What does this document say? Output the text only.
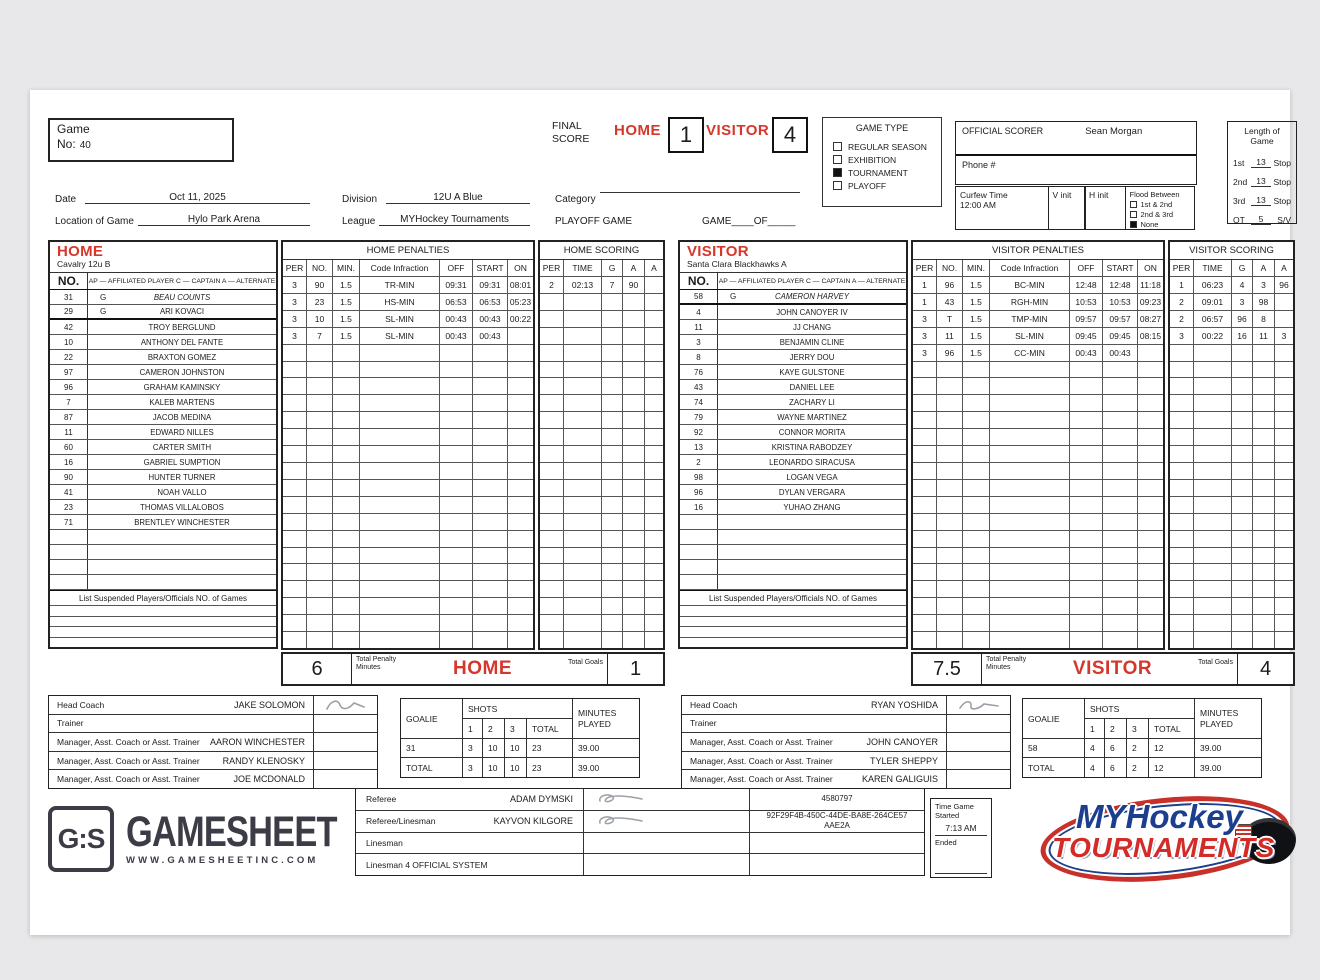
Game
No: 40
FINAL SCORE	HOME 1 VISITOR 4	GAME TYPE
REGULAR SEASON
EXHIBITION
TOURNAMENT
PLAYOFF
OFFICIAL SCORER	Sean Morgan
Phone #
Curfew Time
12:00 AM
V init	H init	Flood Between
1st & 2nd
2nd & 3rd
None
Length of Game
1st	13 Stop
2nd	13 Stop
3rd	13 Stop
OT	5	S/V
Date	Oct 11, 2025	Division	12U A Blue	Category
Location of Game	Hylo Park Arena	League	MYHockey Tournaments	PLAYOFF GAME	GAME____OF_____
HOME
Cavalry 12u B
NO.	AP — AFFILIATED PLAYER C — CAPTAIN A — ALTERNATE
31	G	BEAU COUNTS
29	G	ARI KOVACI
42	TROY BERGLUND
10	ANTHONY DEL FANTE
22	BRAXTON GOMEZ
97	CAMERON JOHNSTON
96	GRAHAM KAMINSKY
7	KALEB MARTENS
87	JACOB MEDINA
11	EDWARD NILLES
60	CARTER SMITH
16	GABRIEL SUMPTION
90	HUNTER TURNER
41	NOAH VALLO
23	THOMAS VILLALOBOS
71	BRENTLEY WINCHESTER
List Suspended Players/Officials NO. of Games
HOME PENALTIES
PER	NO.	MIN.	Code Infraction	OFF	START	ON
3	90	1.5	TR-MIN	09:31	09:31	08:01
3	23	1.5	HS-MIN	06:53	06:53	05:23
3	10	1.5	SL-MIN	00:43	00:43	00:22
3	7	1.5	SL-MIN	00:43	00:43
HOME SCORING
PER	TIME	G	A	A
2	02:13	7	90
6	Total Penalty Minutes	HOME	Total Goals	1
VISITOR
Santa Clara Blackhawks A
NO.	AP — AFFILIATED PLAYER C — CAPTAIN A — ALTERNATE
58	G	CAMERON HARVEY
4	JOHN CANOYER IV
11	JJ CHANG
3	BENJAMIN CLINE
8	JERRY DOU
76	KAYE GULSTONE
43	DANIEL LEE
74	ZACHARY LI
79	WAYNE MARTINEZ
92	CONNOR MORITA
13	KRISTINA RABODZEY
2	LEONARDO SIRACUSA
98	LOGAN VEGA
96	DYLAN VERGARA
16	YUHAO ZHANG
List Suspended Players/Officials NO. of Games
VISITOR PENALTIES
PER	NO.	MIN.	Code Infraction	OFF	START	ON
1	96	1.5	BC-MIN	12:48	12:48	11:18
1	43	1.5	RGH-MIN	10:53	10:53	09:23
3	T	1.5	TMP-MIN	09:57	09:57	08:27
3	11	1.5	SL-MIN	09:45	09:45	08:15
3	96	1.5	CC-MIN	00:43	00:43
VISITOR SCORING
PER	TIME	G	A	A
1	06:23	4	3	96
2	09:01	3	98
2	06:57	96	8
3	00:22	16	11	3
7.5	Total Penalty Minutes	VISITOR	Total Goals	4
Head Coach	JAKE SOLOMON
Trainer
Manager, Asst. Coach or Asst. Trainer AARON WINCHESTER
Manager, Asst. Coach or Asst. Trainer	RANDY KLENOSKY
Manager, Asst. Coach or Asst. Trainer	JOE MCDONALD
GOALIE
SHOTS	MINUTES PLAYED
1	2	3	TOTAL
31	3	10	10	23	39.00
TOTAL	3	10	10	23	39.00
Head Coach	RYAN YOSHIDA
Trainer
Manager, Asst. Coach or Asst. Trainer	JOHN CANOYER
Manager, Asst. Coach or Asst. Trainer	TYLER SHEPPY
Manager, Asst. Coach or Asst. Trainer	KAREN GALIGUIS
GOALIE
SHOTS	MINUTES PLAYED
1	2	3	TOTAL
58	4	6	2	12	39.00
TOTAL	4	6	2	12	39.00
Referee	ADAM DYMSKI	4580797
Referee/Linesman	KAYVON KILGORE
92F29F4B-450C-44DE-BA8E-264CE57AAE2A
Linesman
Linesman 4 OFFICIAL SYSTEM
Time Game Started
7:13 AM
Ended
G:S GAMESHEET
WWW.GAMESHEETINC.COM
MYHockey
TOURNAMENTS
